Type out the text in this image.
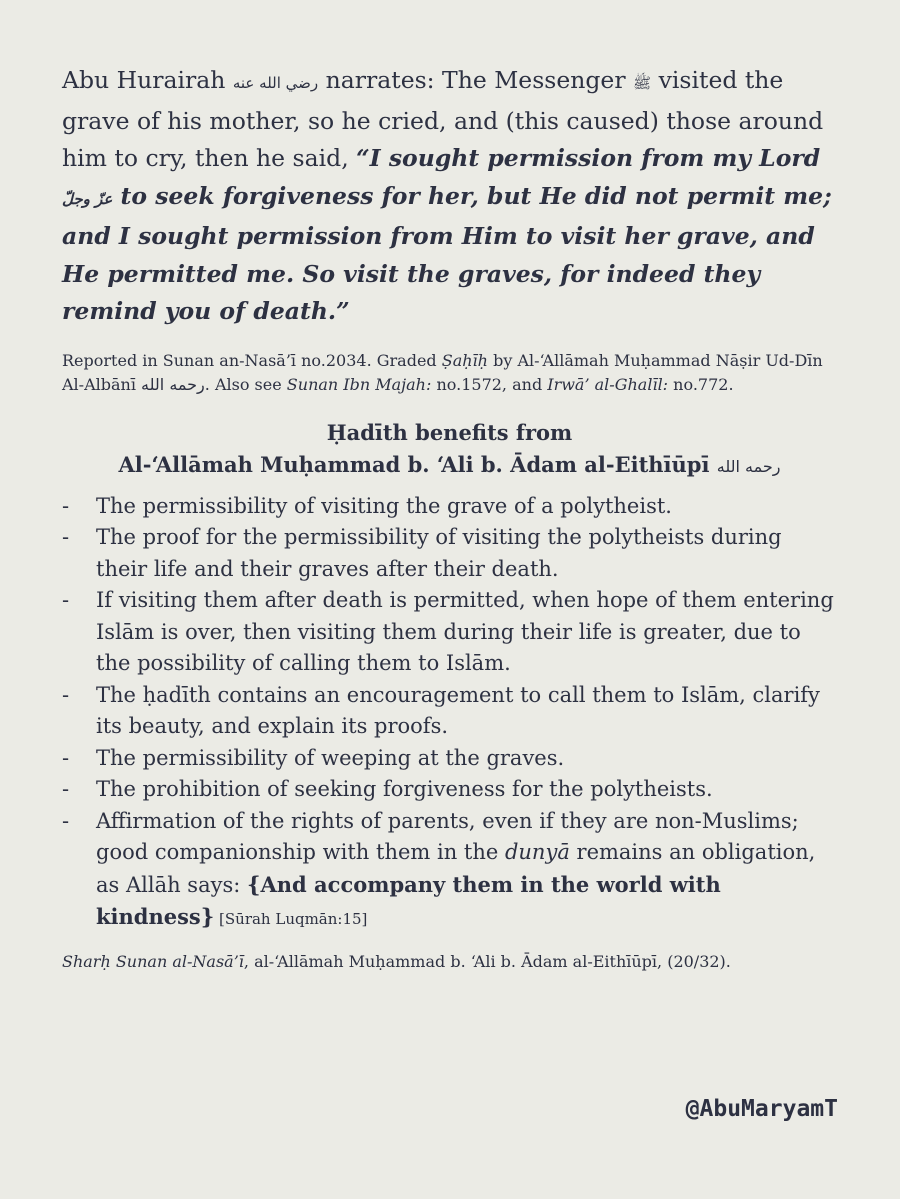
Abu Hurairah رضي الله عنه narrates: The Messenger ﷺ visited the grave of his mother, so he cried, and (this caused) those around him to cry, then he said, “I sought permission from my Lord عزّ وجلّ to seek forgiveness for her, but He did not permit me; and I sought permission from Him to visit her grave, and He permitted me. So visit the graves, for indeed they remind you of death.”

Reported in Sunan an-Nasā’ī no.2034. Graded Ṣaḥīḥ by Al-‘Allāmah Muḥammad Nāṣir Ud-Dīn Al-Albānī رحمه الله. Also see Sunan Ibn Majah: no.1572, and Irwā’ al-Ghalīl: no.772.

Ḥadīth benefits from
Al-‘Allāmah Muḥammad b. ‘Ali b. Ādam al-Eithīūpī رحمه الله
- The permissibility of visiting the grave of a polytheist.
- The proof for the permissibility of visiting the polytheists during their life and their graves after their death.
- If visiting them after death is permitted, when hope of them entering Islām is over, then visiting them during their life is greater, due to the possibility of calling them to Islām.
- The ḥadīth contains an encouragement to call them to Islām, clarify its beauty, and explain its proofs.
- The permissibility of weeping at the graves.
- The prohibition of seeking forgiveness for the polytheists.
- Affirmation of the rights of parents, even if they are non-Muslims; good companionship with them in the dunyā remains an obligation, as Allāh says: {And accompany them in the world with kindness} [Sūrah Luqmān:15]

Sharḥ Sunan al-Nasā’ī, al-‘Allāmah Muḥammad b. ‘Ali b. Ādam al-Eithīūpī, (20/32).

@AbuMaryamT
